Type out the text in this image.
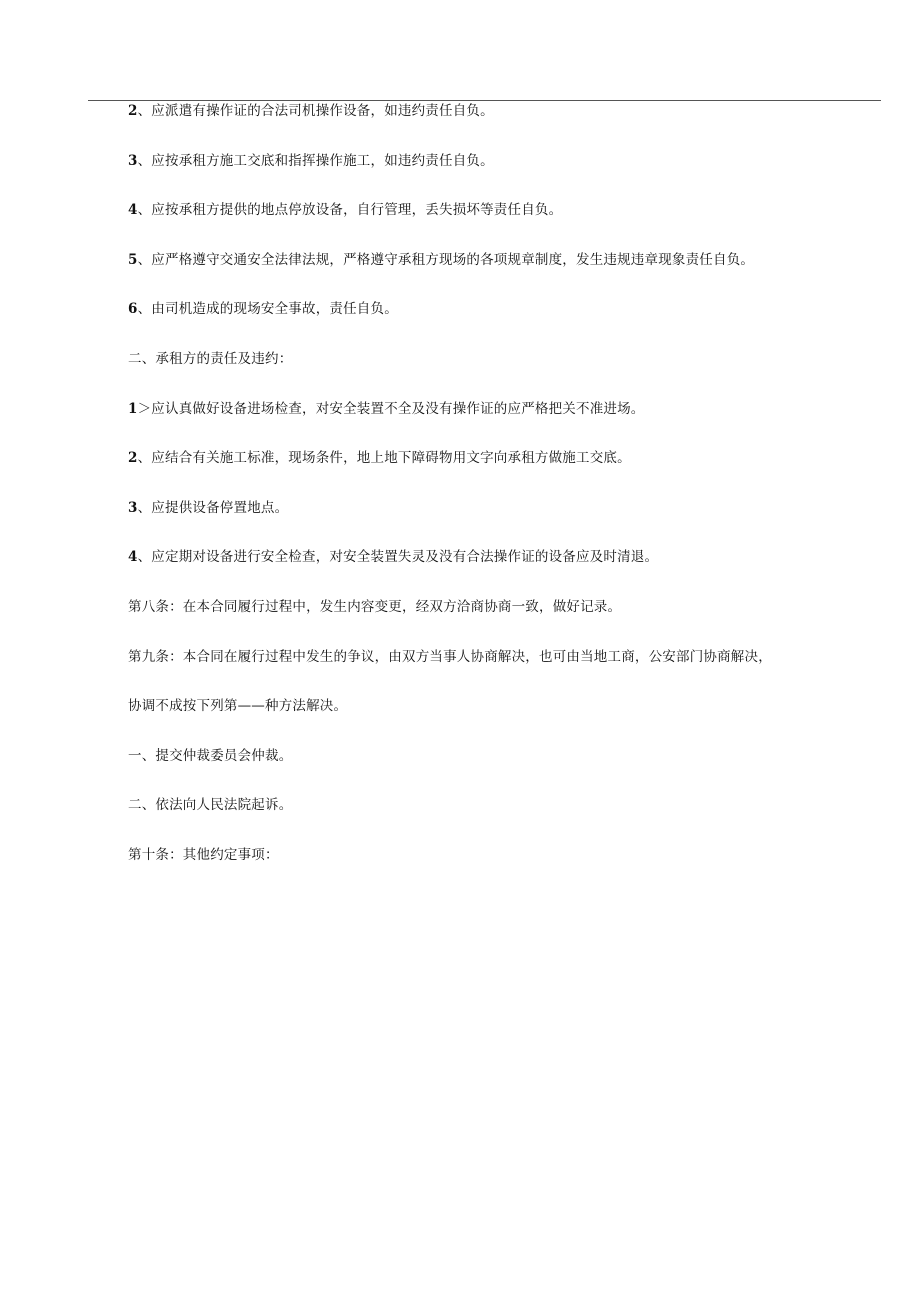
2、应派遣有操作证的合法司机操作设备，如违约责任自负。

3、应按承租方施工交底和指挥操作施工，如违约责任自负。

4、应按承租方提供的地点停放设备，自行管理，丢失损坏等责任自负。

5、应严格遵守交通安全法律法规，严格遵守承租方现场的各项规章制度，发生违规违章现象责任自负。

6、由司机造成的现场安全事故，责任自负。

二、承租方的责任及违约：

1＞应认真做好设备进场检查，对安全装置不全及没有操作证的应严格把关不准进场。

2、应结合有关施工标准，现场条件，地上地下障碍物用文字向承租方做施工交底。

3、应提供设备停置地点。

4、应定期对设备进行安全检查，对安全装置失灵及没有合法操作证的设备应及时清退。

第八条：在本合同履行过程中，发生内容变更，经双方洽商协商一致，做好记录。

第九条：本合同在履行过程中发生的争议，由双方当事人协商解决，也可由当地工商，公安部门协商解决，

协调不成按下列第——种方法解决。

一、提交仲裁委员会仲裁。

二、依法向人民法院起诉。

第十条：其他约定事项：
